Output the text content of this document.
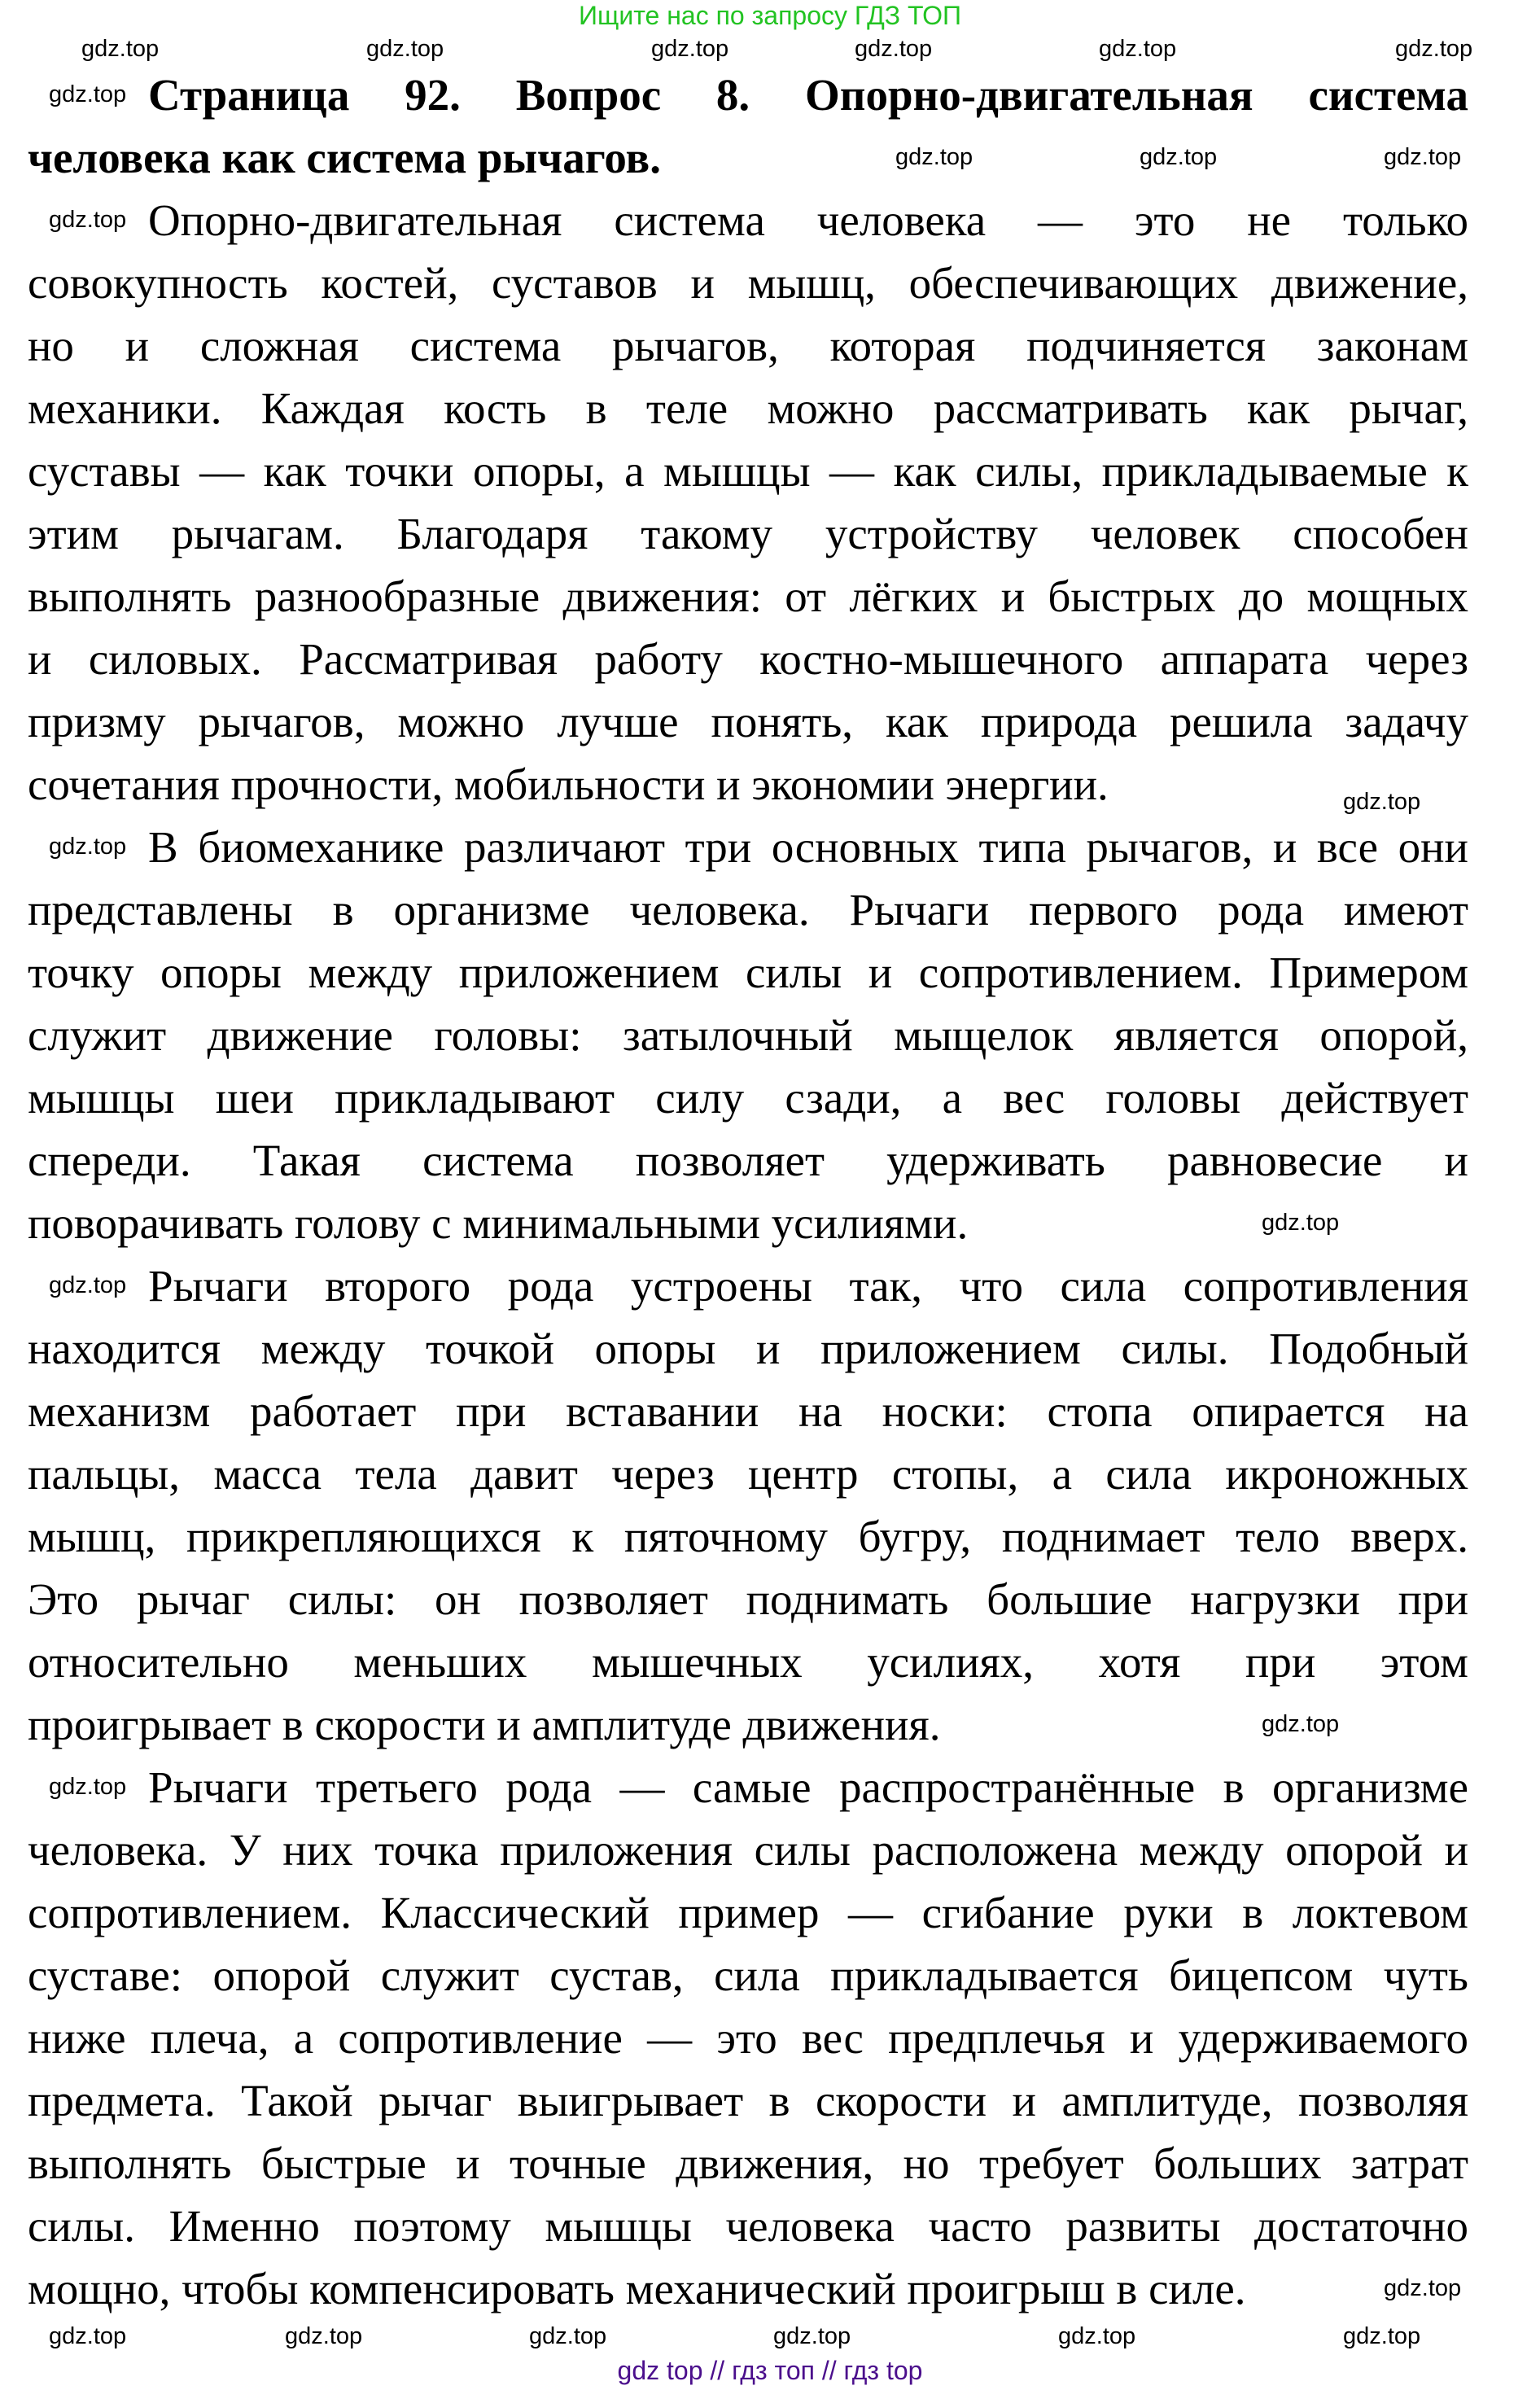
Ищите нас по запросу ГДЗ ТОП
Страница 92. Вопрос 8. Опорно-двигательная система
человека как система рычагов.
Опорно-двигательная система человека — это не только
совокупность костей, суставов и мышц, обеспечивающих движение,
но и сложная система рычагов, которая подчиняется законам
механики. Каждая кость в теле можно рассматривать как рычаг,
суставы — как точки опоры, а мышцы — как силы, прикладываемые к
этим рычагам. Благодаря такому устройству человек способен
выполнять разнообразные движения: от лёгких и быстрых до мощных
и силовых. Рассматривая работу костно-мышечного аппарата через
призму рычагов, можно лучше понять, как природа решила задачу
сочетания прочности, мобильности и экономии энергии.
В биомеханике различают три основных типа рычагов, и все они
представлены в организме человека. Рычаги первого рода имеют
точку опоры между приложением силы и сопротивлением. Примером
служит движение головы: затылочный мыщелок является опорой,
мышцы шеи прикладывают силу сзади, а вес головы действует
спереди. Такая система позволяет удерживать равновесие и
поворачивать голову с минимальными усилиями.
Рычаги второго рода устроены так, что сила сопротивления
находится между точкой опоры и приложением силы. Подобный
механизм работает при вставании на носки: стопа опирается на
пальцы, масса тела давит через центр стопы, а сила икроножных
мышц, прикрепляющихся к пяточному бугру, поднимает тело вверх.
Это рычаг силы: он позволяет поднимать большие нагрузки при
относительно меньших мышечных усилиях, хотя при этом
проигрывает в скорости и амплитуде движения.
Рычаги третьего рода — самые распространённые в организме
человека. У них точка приложения силы расположена между опорой и
сопротивлением. Классический пример — сгибание руки в локтевом
суставе: опорой служит сустав, сила прикладывается бицепсом чуть
ниже плеча, а сопротивление — это вес предплечья и удерживаемого
предмета. Такой рычаг выигрывает в скорости и амплитуде, позволяя
выполнять быстрые и точные движения, но требует больших затрат
силы. Именно поэтому мышцы человека часто развиты достаточно
мощно, чтобы компенсировать механический проигрыш в силе.
gdz.top	gdz.top	gdz.top	gdz.top	gdz.top	gdz.top
gdz.top
gdz.top
gdz.top
gdz.top
gdz.top
gdz.top	gdz.top	gdz.top
gdz.top
gdz.top
gdz.top
gdz.top
gdz.top	gdz.top	gdz.top	gdz.top	gdz.top	gdz.top
gdz top // гдз топ // гдз top
